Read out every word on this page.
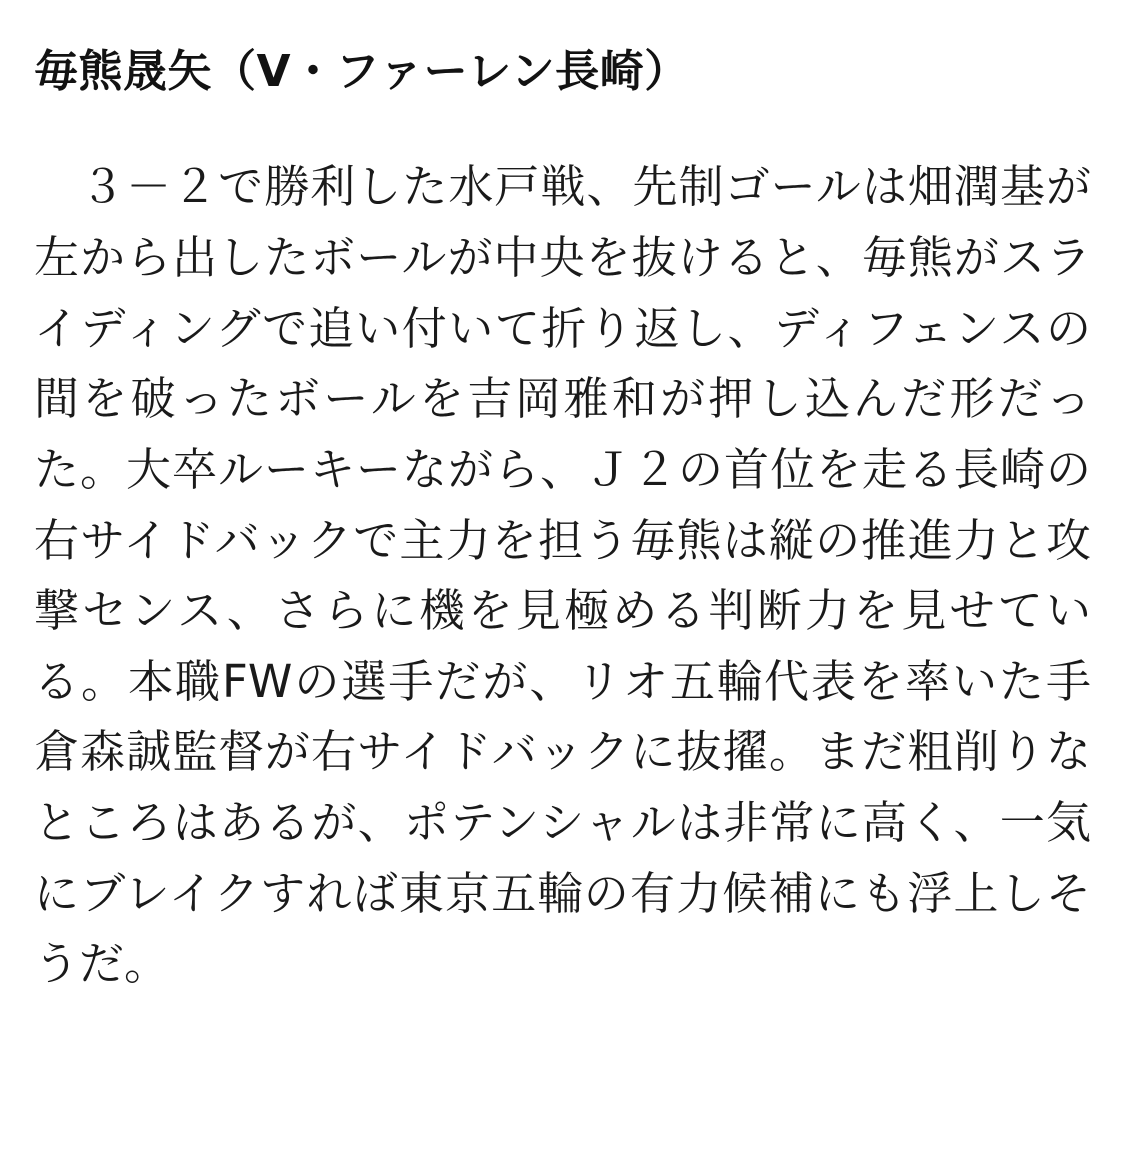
毎熊晟矢（V・ファーレン長崎）

　３－２で勝利した水戸戦、先制ゴールは畑潤基が左から出したボールが中央を抜けると、毎熊がスライディングで追い付いて折り返し、ディフェンスの間を破ったボールを吉岡雅和が押し込んだ形だった。大卒ルーキーながら、Ｊ２の首位を走る長崎の右サイドバックで主力を担う毎熊は縦の推進力と攻撃センス、さらに機を見極める判断力を見せている。本職FWの選手だが、リオ五輪代表を率いた手倉森誠監督が右サイドバックに抜擢。まだ粗削りなところはあるが、ポテンシャルは非常に高く、一気にブレイクすれば東京五輪の有力候補にも浮上しそうだ。
